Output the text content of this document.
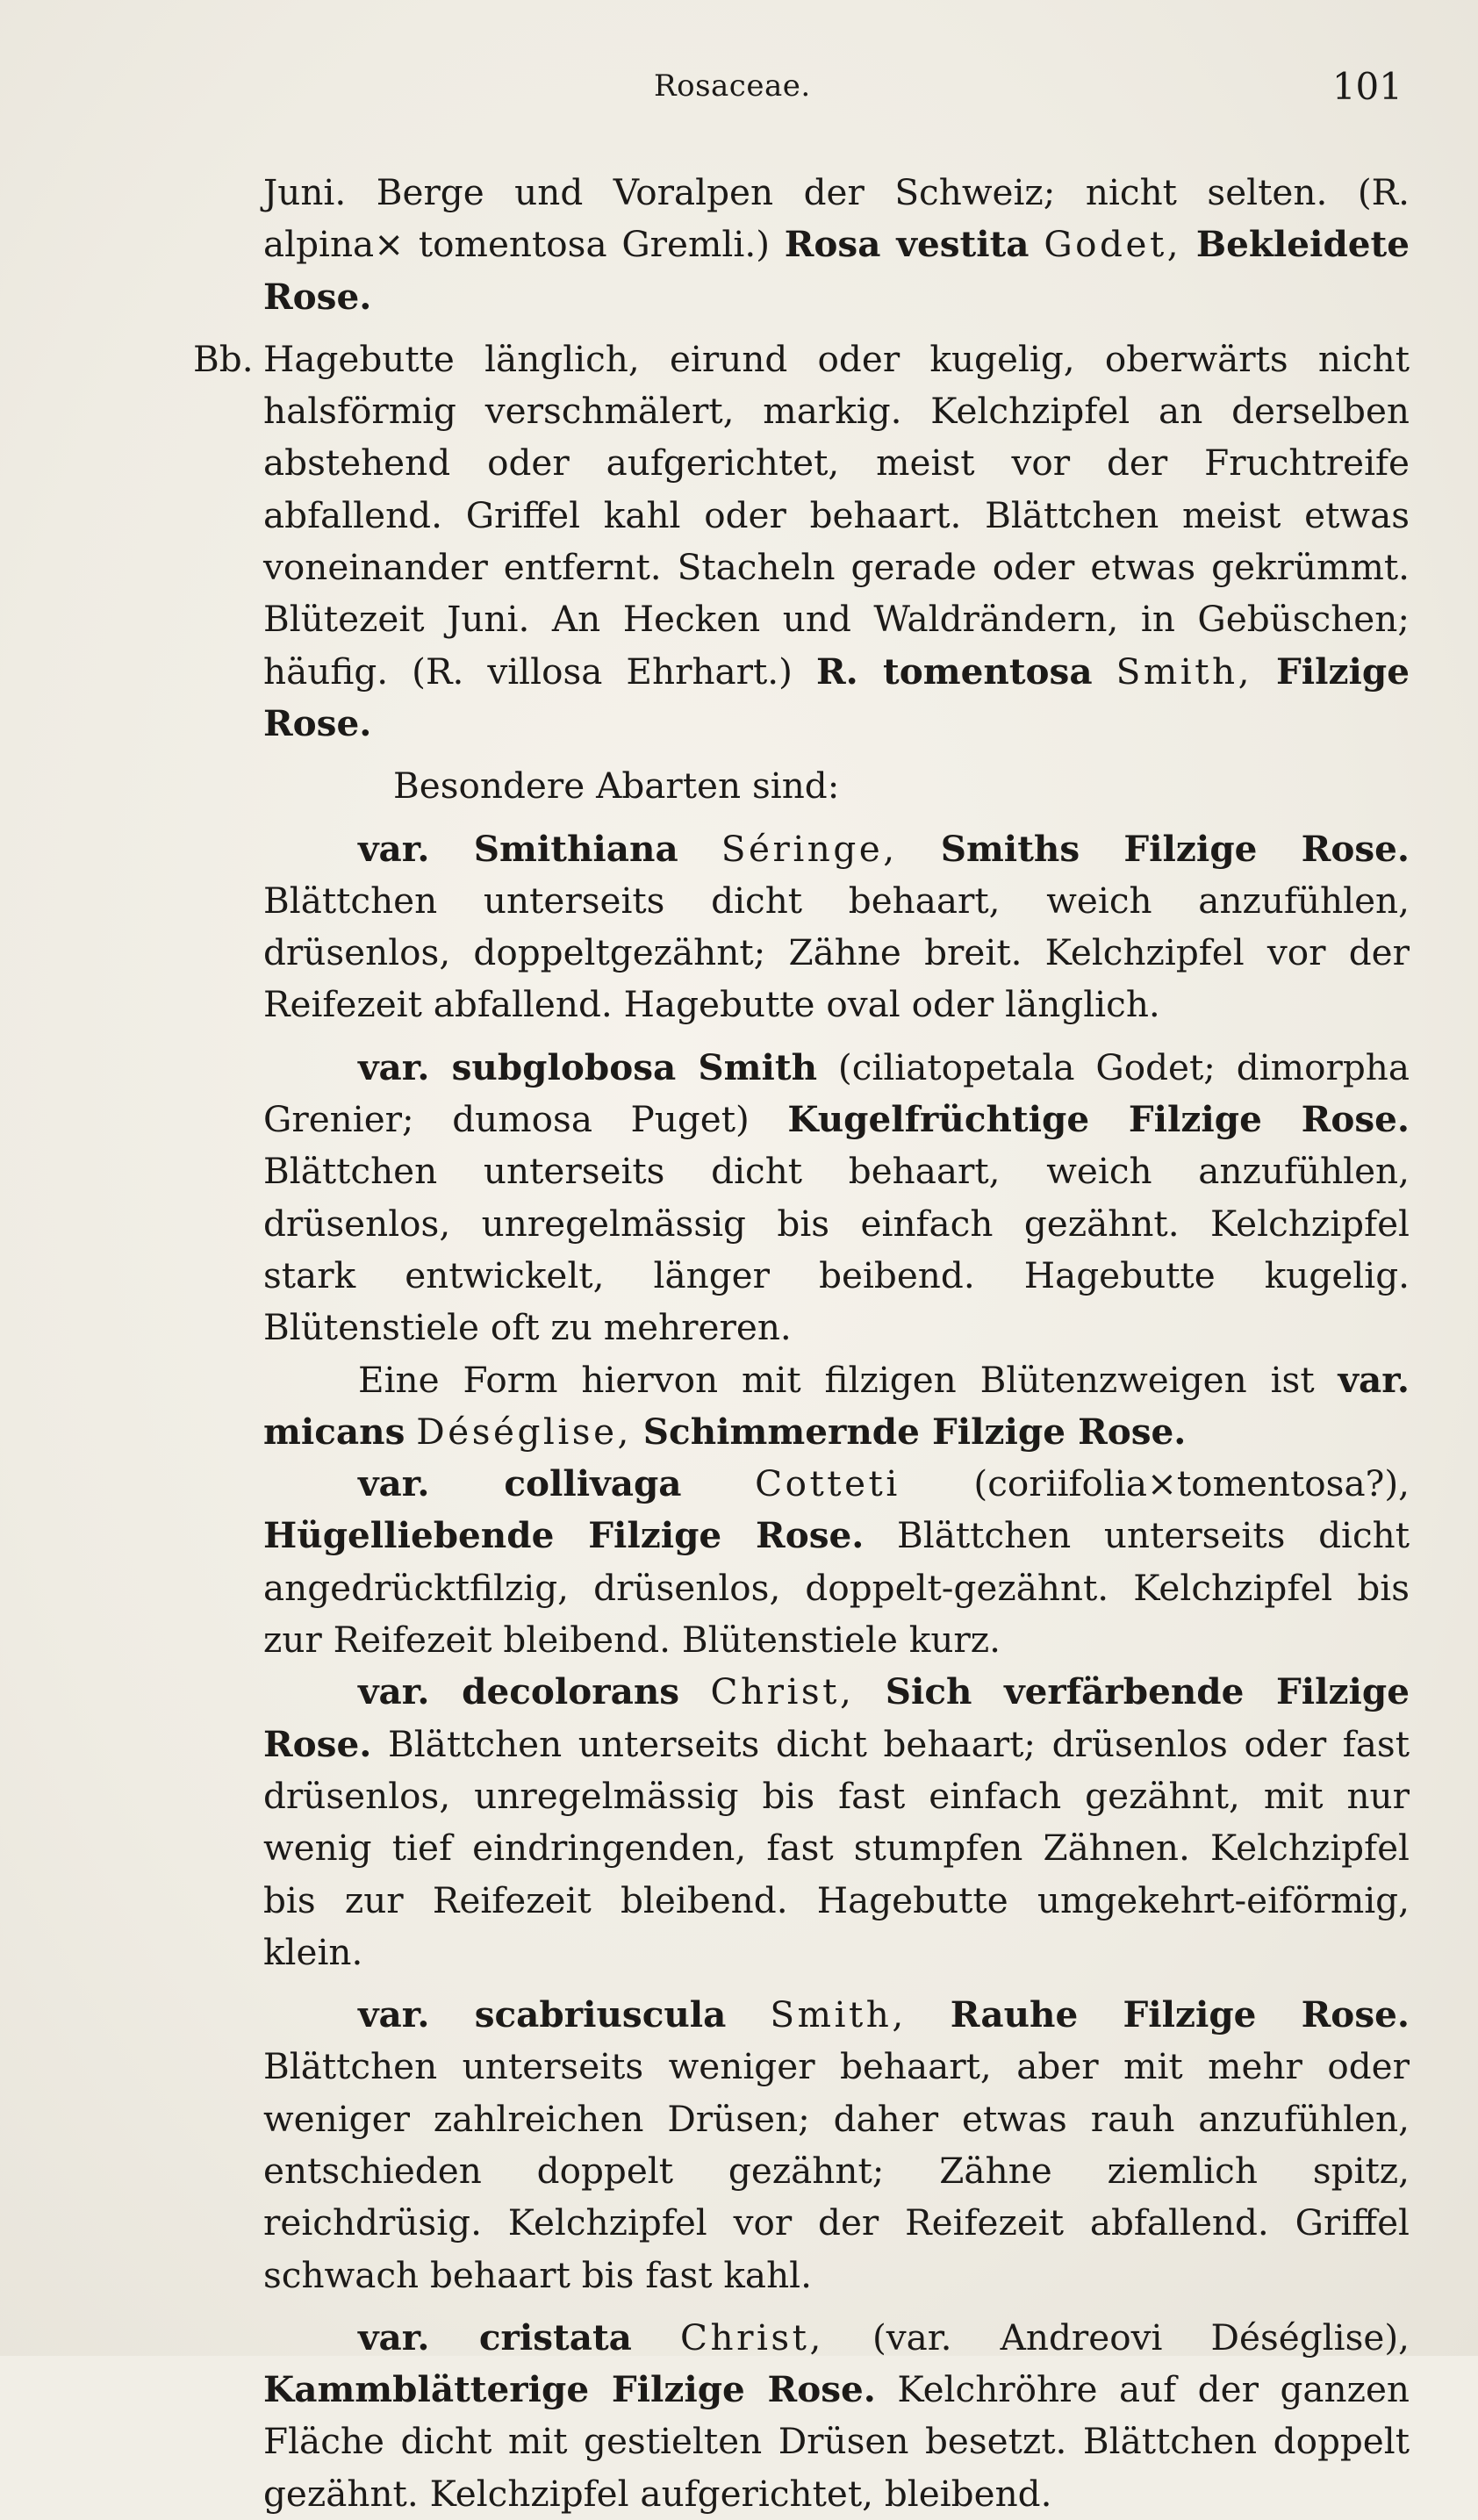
Rosaceae.	101

Juni. Berge und Voralpen der Schweiz; nicht selten. (R. alpina× tomentosa Gremli.) Rosa vestita Godet, Bekleidete Rose.

Bb. Hagebutte länglich, eirund oder kugelig, oberwärts nicht halsförmig verschmälert, markig. Kelchzipfel an derselben abstehend oder aufgerichtet, meist vor der Fruchtreife abfallend. Griffel kahl oder behaart. Blättchen meist etwas voneinander entfernt. Stacheln gerade oder etwas gekrümmt. Blütezeit Juni. An Hecken und Waldrändern, in Gebüschen; häufig. (R. villosa Ehrhart.) R. tomentosa Smith, Filzige Rose.

Besondere Abarten sind:

var. Smithiana Séringe, Smiths Filzige Rose. Blättchen unterseits dicht behaart, weich anzufühlen, drüsenlos, doppeltgezähnt; Zähne breit. Kelchzipfel vor der Reifezeit abfallend. Hagebutte oval oder länglich.

var. subglobosa Smith (ciliatopetala Godet; dimorpha Grenier; dumosa Puget) Kugelfrüchtige Filzige Rose. Blättchen unterseits dicht behaart, weich anzufühlen, drüsenlos, unregelmässig bis einfach gezähnt. Kelchzipfel stark entwickelt, länger beibend. Hagebutte kugelig. Blütenstiele oft zu mehreren.

Eine Form hiervon mit filzigen Blütenzweigen ist var. micans Déséglise, Schimmernde Filzige Rose.

var. collivaga Cotteti (coriifolia×tomentosa?), Hügelliebende Filzige Rose. Blättchen unterseits dicht angedrücktfilzig, drüsenlos, doppelt-gezähnt. Kelchzipfel bis zur Reifezeit bleibend. Blütenstiele kurz.

var. decolorans Christ, Sich verfärbende Filzige Rose. Blättchen unterseits dicht behaart; drüsenlos oder fast drüsenlos, unregelmässig bis fast einfach gezähnt, mit nur wenig tief eindringenden, fast stumpfen Zähnen. Kelchzipfel bis zur Reifezeit bleibend. Hagebutte umgekehrt-eiförmig, klein.

var. scabriuscula Smith, Rauhe Filzige Rose. Blättchen unterseits weniger behaart, aber mit mehr oder weniger zahlreichen Drüsen; daher etwas rauh anzufühlen, entschieden doppelt gezähnt; Zähne ziemlich spitz, reichdrüsig. Kelchzipfel vor der Reifezeit abfallend. Griffel schwach behaart bis fast kahl.

var. cristata Christ, (var. Andreovi Déséglise), Kammblätterige Filzige Rose. Kelchröhre auf der ganzen Fläche dicht mit gestielten Drüsen besetzt. Blättchen doppelt gezähnt. Kelchzipfel aufgerichtet, bleibend.
